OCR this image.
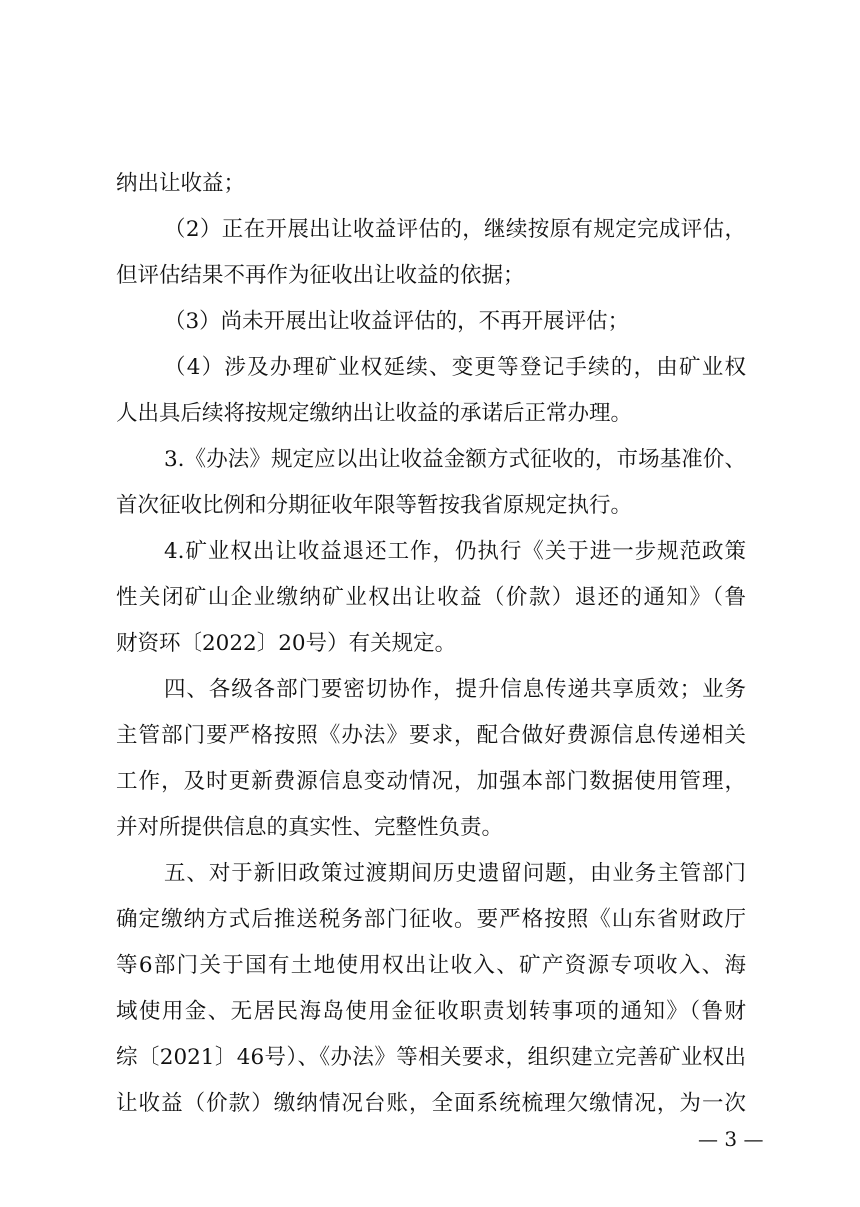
纳出让收益；
（2）正在开展出让收益评估的，继续按原有规定完成评估，
但评估结果不再作为征收出让收益的依据；
（3）尚未开展出让收益评估的，不再开展评估；
（4）涉及办理矿业权延续、变更等登记手续的，由矿业权
人出具后续将按规定缴纳出让收益的承诺后正常办理。
3.《办法》规定应以出让收益金额方式征收的，市场基准价、
首次征收比例和分期征收年限等暂按我省原规定执行。
4.矿业权出让收益退还工作，仍执行《关于进一步规范政策
性关闭矿山企业缴纳矿业权出让收益（价款）退还的通知》（鲁
财资环〔2022〕20号）有关规定。
四、各级各部门要密切协作，提升信息传递共享质效；业务
主管部门要严格按照《办法》要求，配合做好费源信息传递相关
工作，及时更新费源信息变动情况，加强本部门数据使用管理，
并对所提供信息的真实性、完整性负责。
五、对于新旧政策过渡期间历史遗留问题，由业务主管部门
确定缴纳方式后推送税务部门征收。要严格按照《山东省财政厅
等6部门关于国有土地使用权出让收入、矿产资源专项收入、海
域使用金、无居民海岛使用金征收职责划转事项的通知》（鲁财
综〔2021〕46号）、《办法》等相关要求，组织建立完善矿业权出
让收益（价款）缴纳情况台账，全面系统梳理欠缴情况，为一次
— 3 —
